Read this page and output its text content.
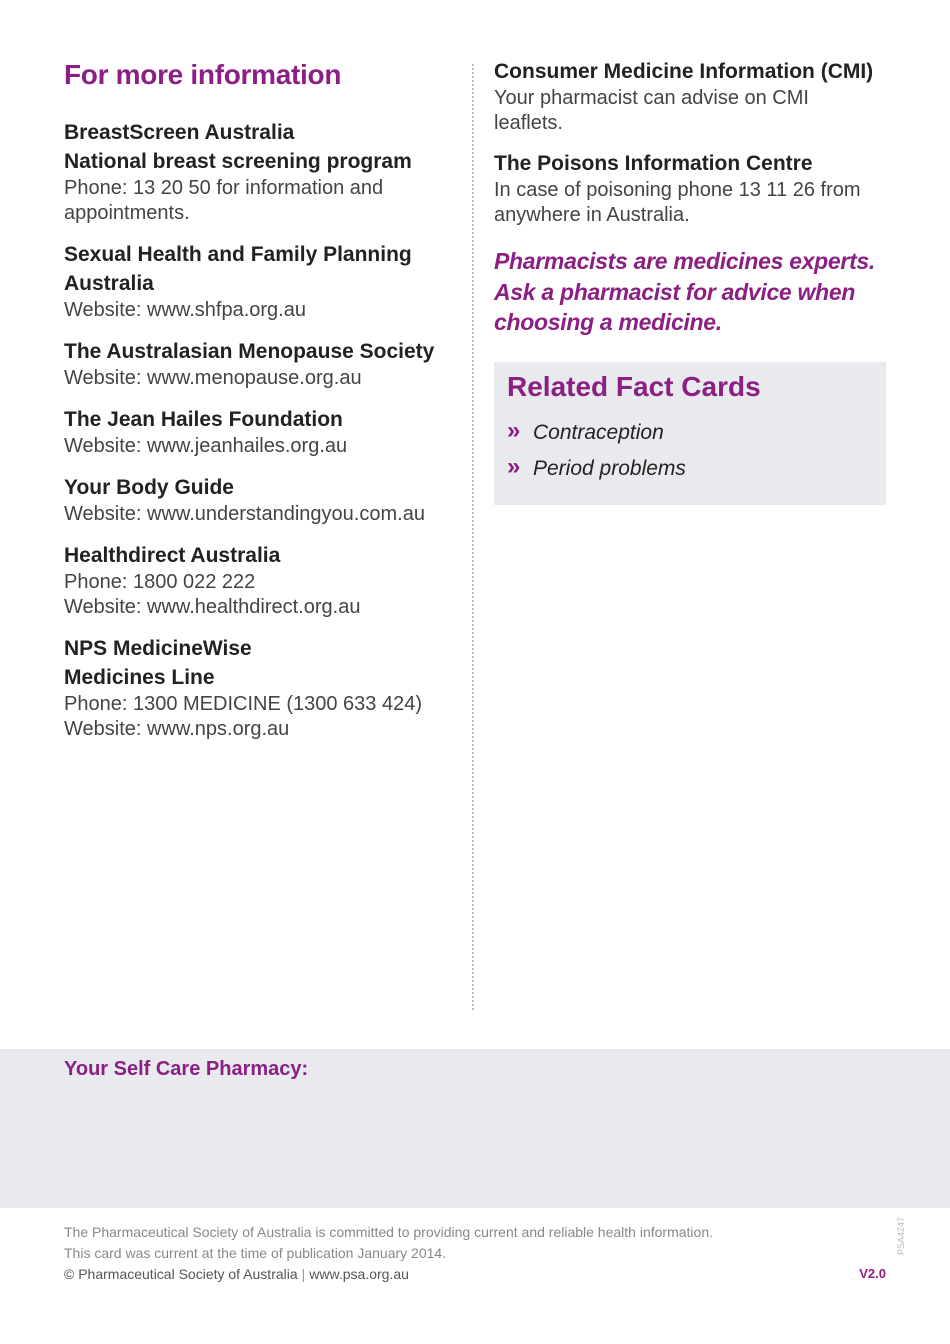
For more information
BreastScreen Australia
National breast screening program
Phone: 13 20 50 for information and
appointments.
Sexual Health and Family Planning
Australia
Website: www.shfpa.org.au
The Australasian Menopause Society
Website: www.menopause.org.au
The Jean Hailes Foundation
Website: www.jeanhailes.org.au
Your Body Guide
Website: www.understandingyou.com.au
Healthdirect Australia
Phone: 1800 022 222
Website: www.healthdirect.org.au
NPS MedicineWise
Medicines Line
Phone: 1300 MEDICINE (1300 633 424)
Website: www.nps.org.au
Consumer Medicine Information (CMI)
Your pharmacist can advise on CMI
leaflets.
The Poisons Information Centre
In case of poisoning phone 13 11 26 from
anywhere in Australia.
Pharmacists are medicines experts.
Ask a pharmacist for advice when
choosing a medicine.
Related Fact Cards
» Contraception
» Period problems
Your Self Care Pharmacy:
The Pharmaceutical Society of Australia is committed to providing current and reliable health information.
This card was current at the time of publication January 2014.
© Pharmaceutical Society of Australia | www.psa.org.au	V2.0
PSA4247
